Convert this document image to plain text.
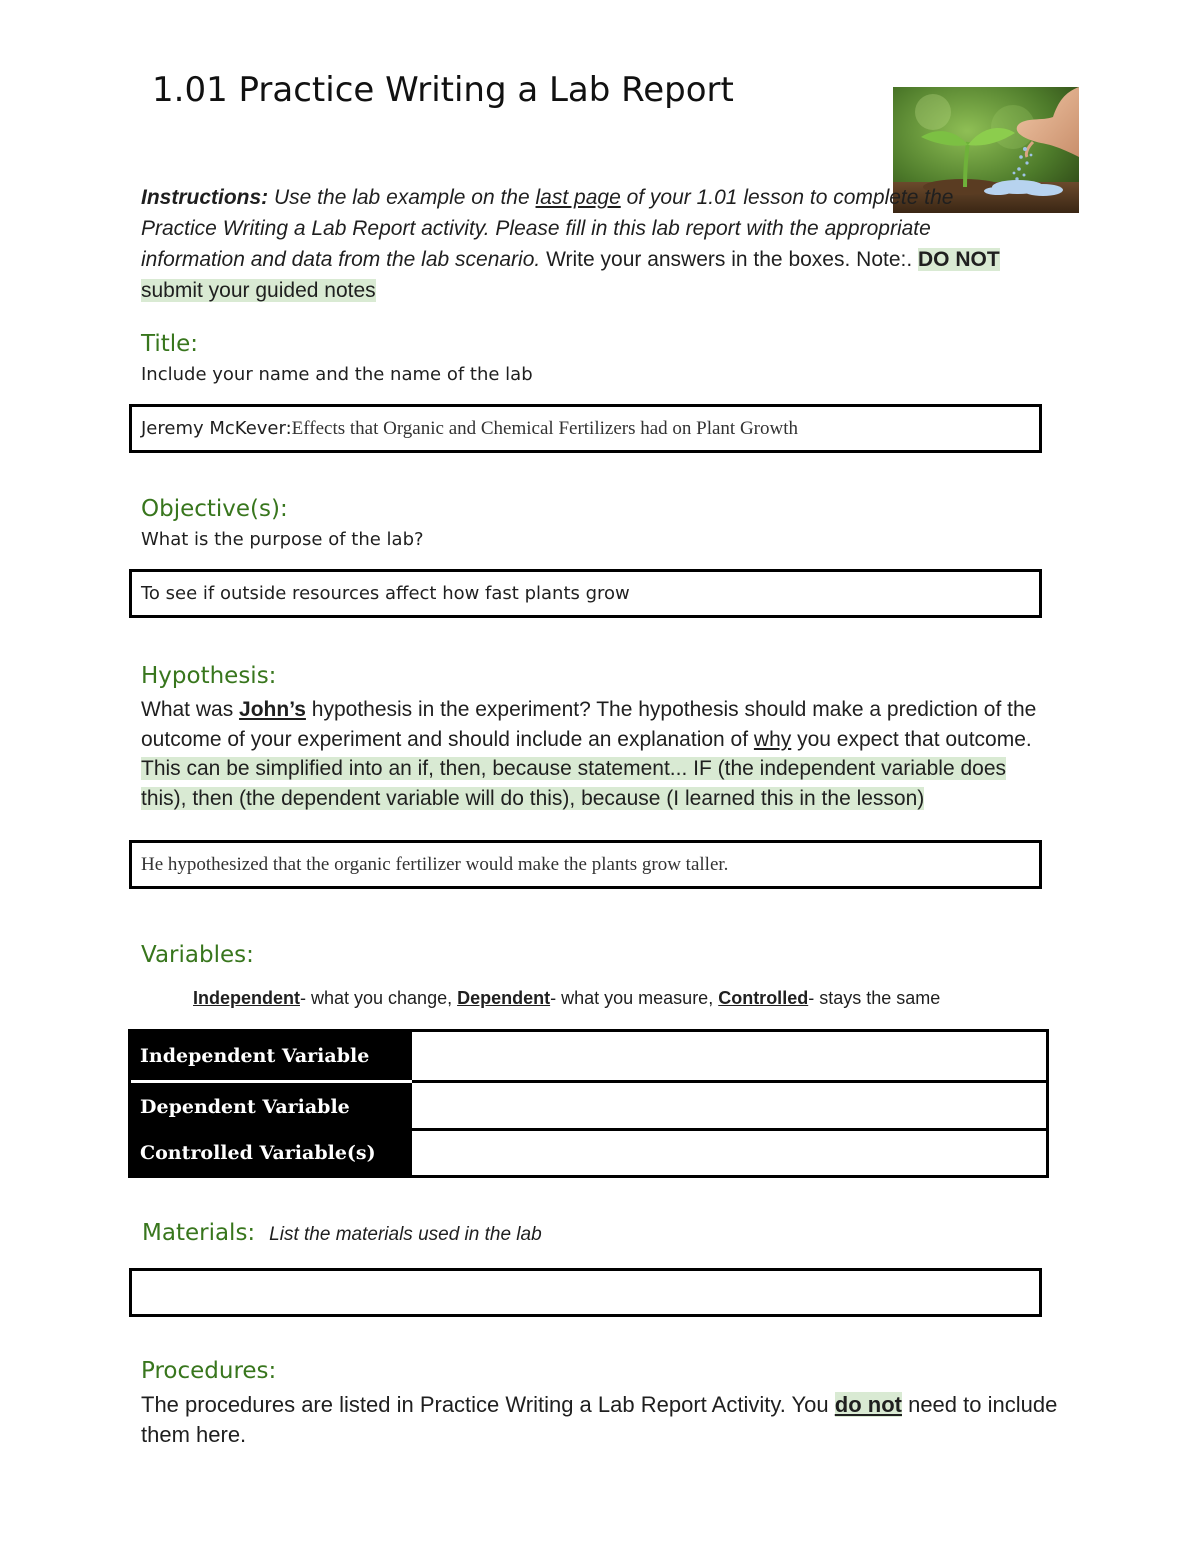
1.01 Practice Writing a Lab Report
Instructions: Use the lab example on the last page of your 1.01 lesson to complete the Practice Writing a Lab Report activity. Please fill in this lab report with the appropriate information and data from the lab scenario. Write your answers in the boxes. Note:. DO NOT submit your guided notes
Title:
Include your name and the name of the lab
Jeremy McKever: Effects that Organic and Chemical Fertilizers had on Plant Growth
Objective(s):
What is the purpose of the lab?
To see if outside resources affect how fast plants grow
Hypothesis:
What was John’s hypothesis in the experiment? The hypothesis should make a prediction of the outcome of your experiment and should include an explanation of why you expect that outcome. This can be simplified into an if, then, because statement... IF (the independent variable does this), then (the dependent variable will do this), because (I learned this in the lesson)
He hypothesized that the organic fertilizer would make the plants grow taller.
Variables:
Independent- what you change, Dependent- what you measure, Controlled- stays the same
Independent Variable
Dependent Variable
Controlled Variable(s)
Materials: List the materials used in the lab
Procedures:
The procedures are listed in Practice Writing a Lab Report Activity. You do not need to include them here.
